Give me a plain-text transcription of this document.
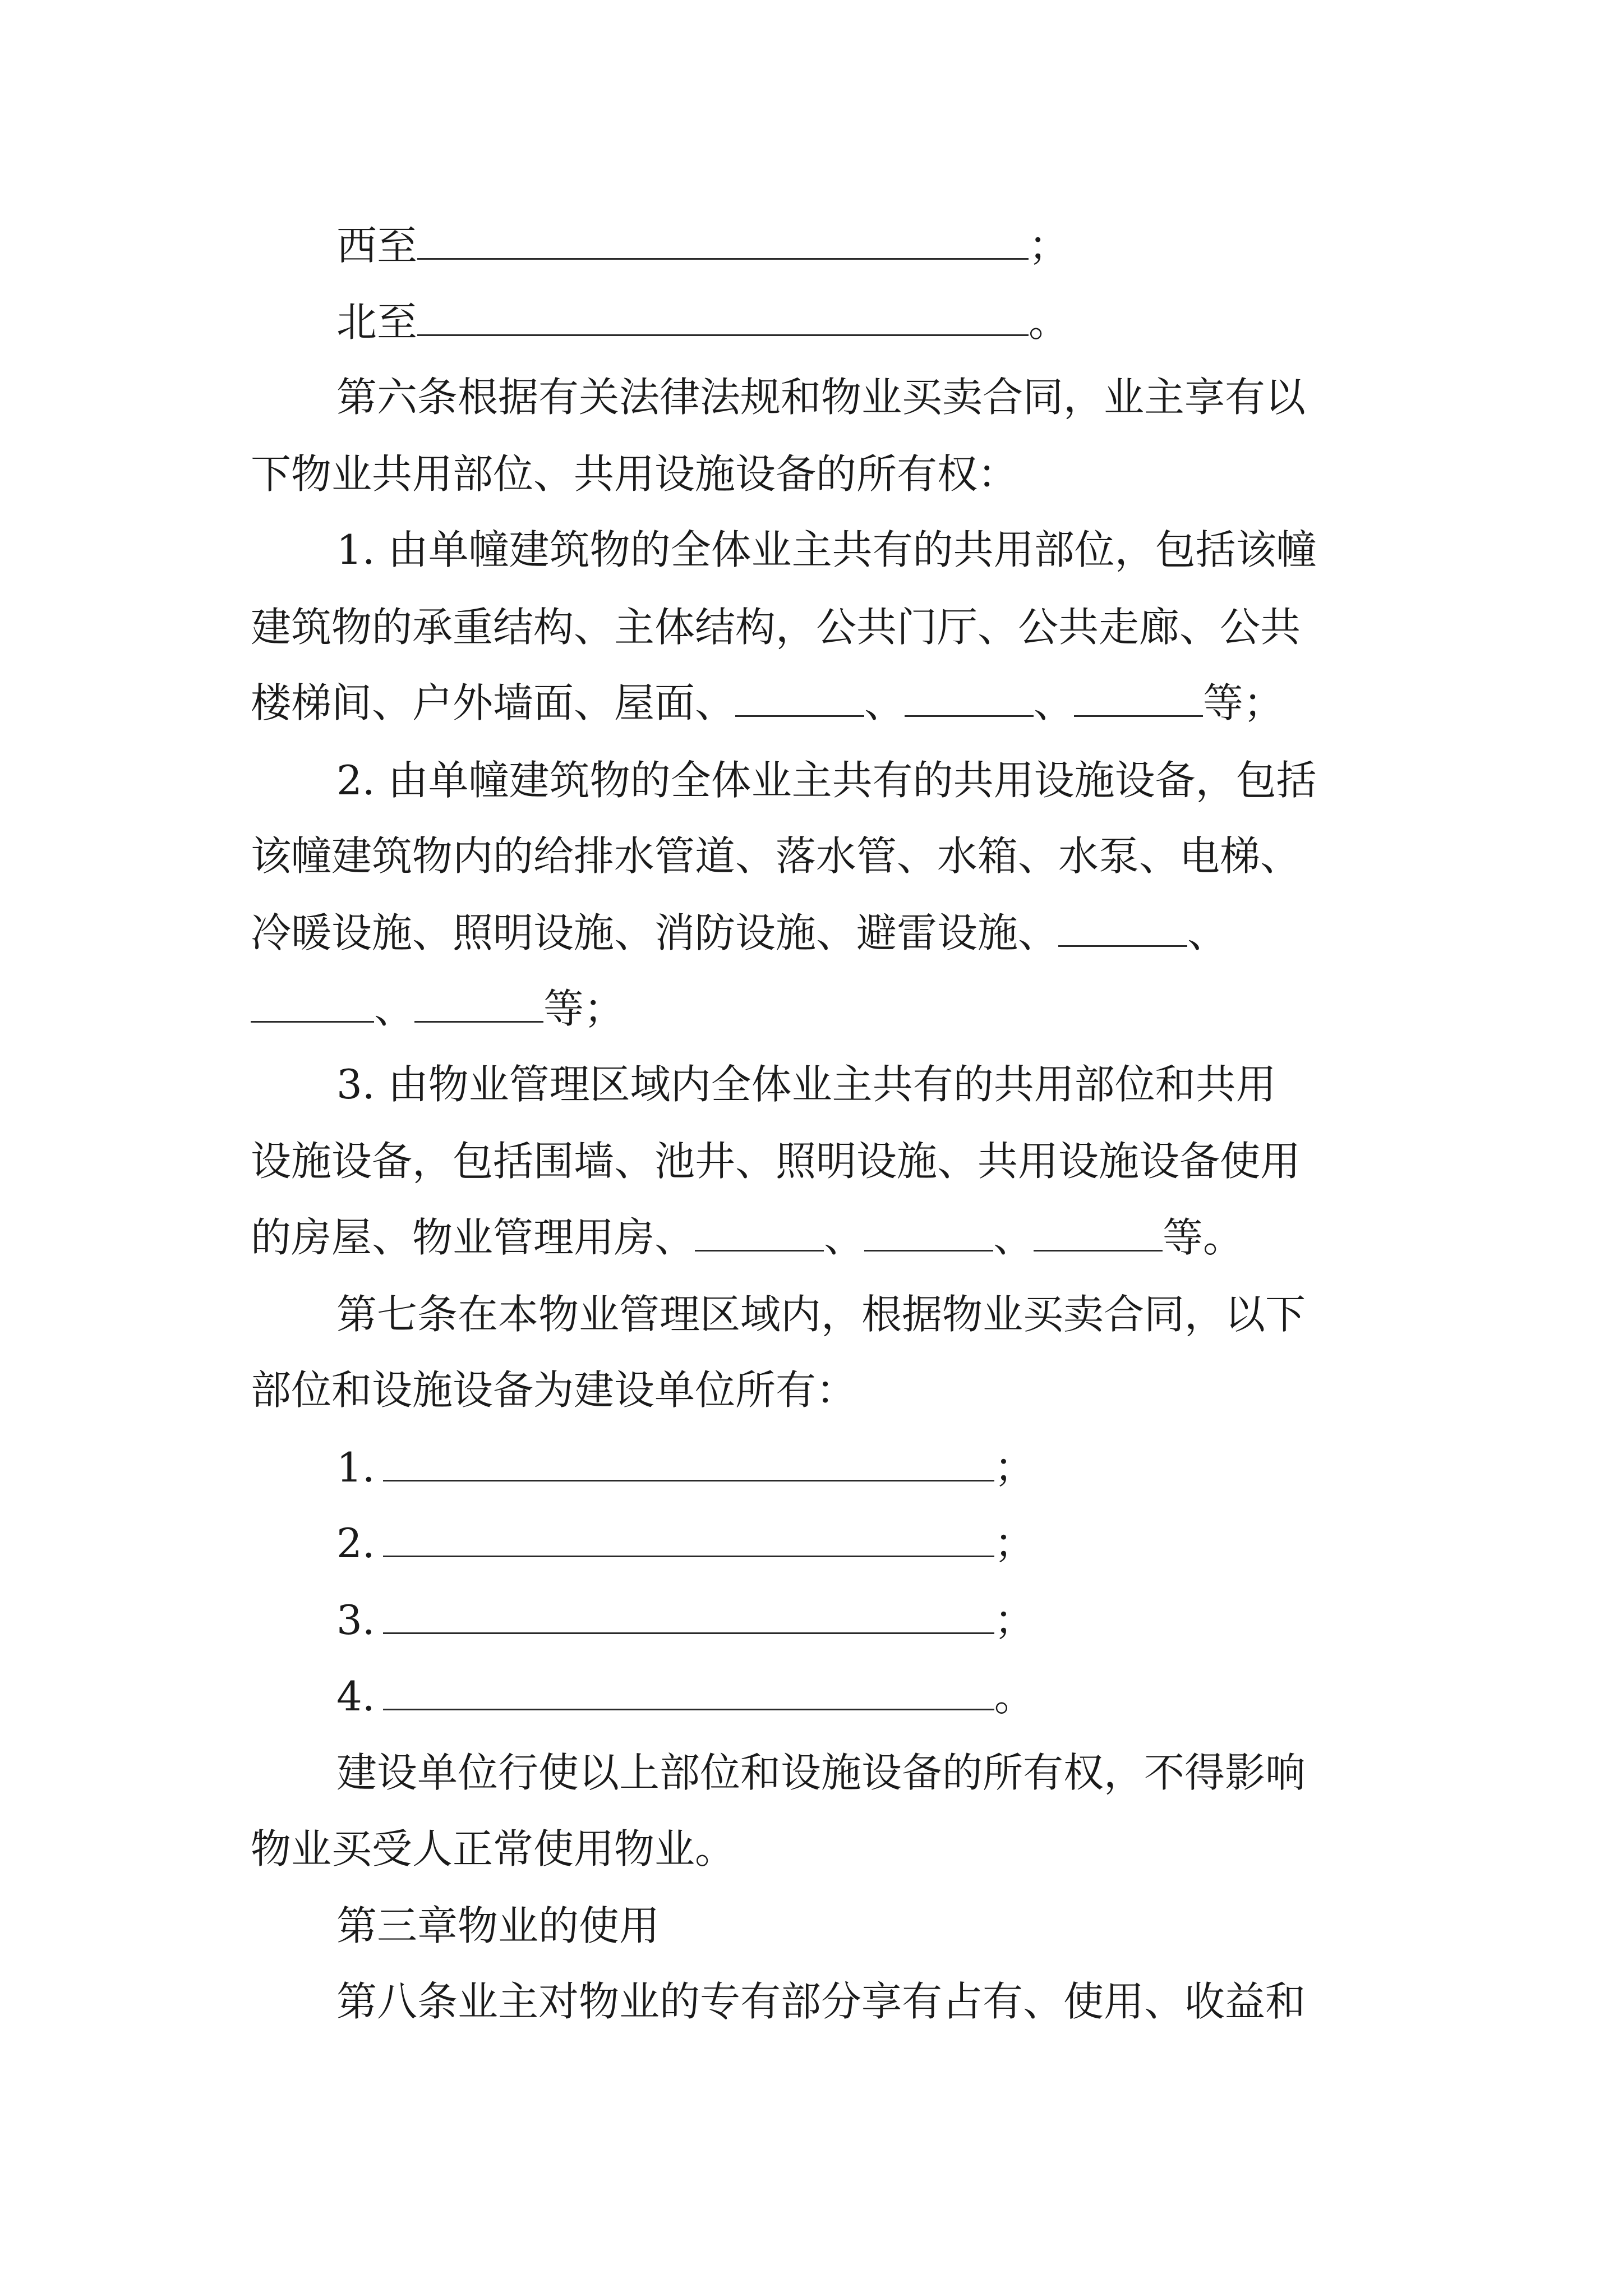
西至	；
北至	。
第六条根据有关法律法规和物业买卖合同，业主享有以
下物业共用部位、共用设施设备的所有权：
1. 由单幢建筑物的全体业主共有的共用部位，包括该幢
建筑物的承重结构、主体结构，公共门厅、公共走廊、公共
楼梯间、户外墙面、屋面、	、	、	等；
2. 由单幢建筑物的全体业主共有的共用设施设备，包括
该幢建筑物内的给排水管道、落水管、水箱、水泵、电梯、
冷暖设施、照明设施、消防设施、避雷设施、	、
、	等；
3. 由物业管理区域内全体业主共有的共用部位和共用
设施设备，包括围墙、池井、照明设施、共用设施设备使用
的房屋、物业管理用房、	、	、	等。
第七条在本物业管理区域内，根据物业买卖合同，以下
部位和设施设备为建设单位所有：
1.	；
2.	；
3.	；
4.	。
建设单位行使以上部位和设施设备的所有权，不得影响
物业买受人正常使用物业。
第三章物业的使用
第八条业主对物业的专有部分享有占有、使用、收益和
